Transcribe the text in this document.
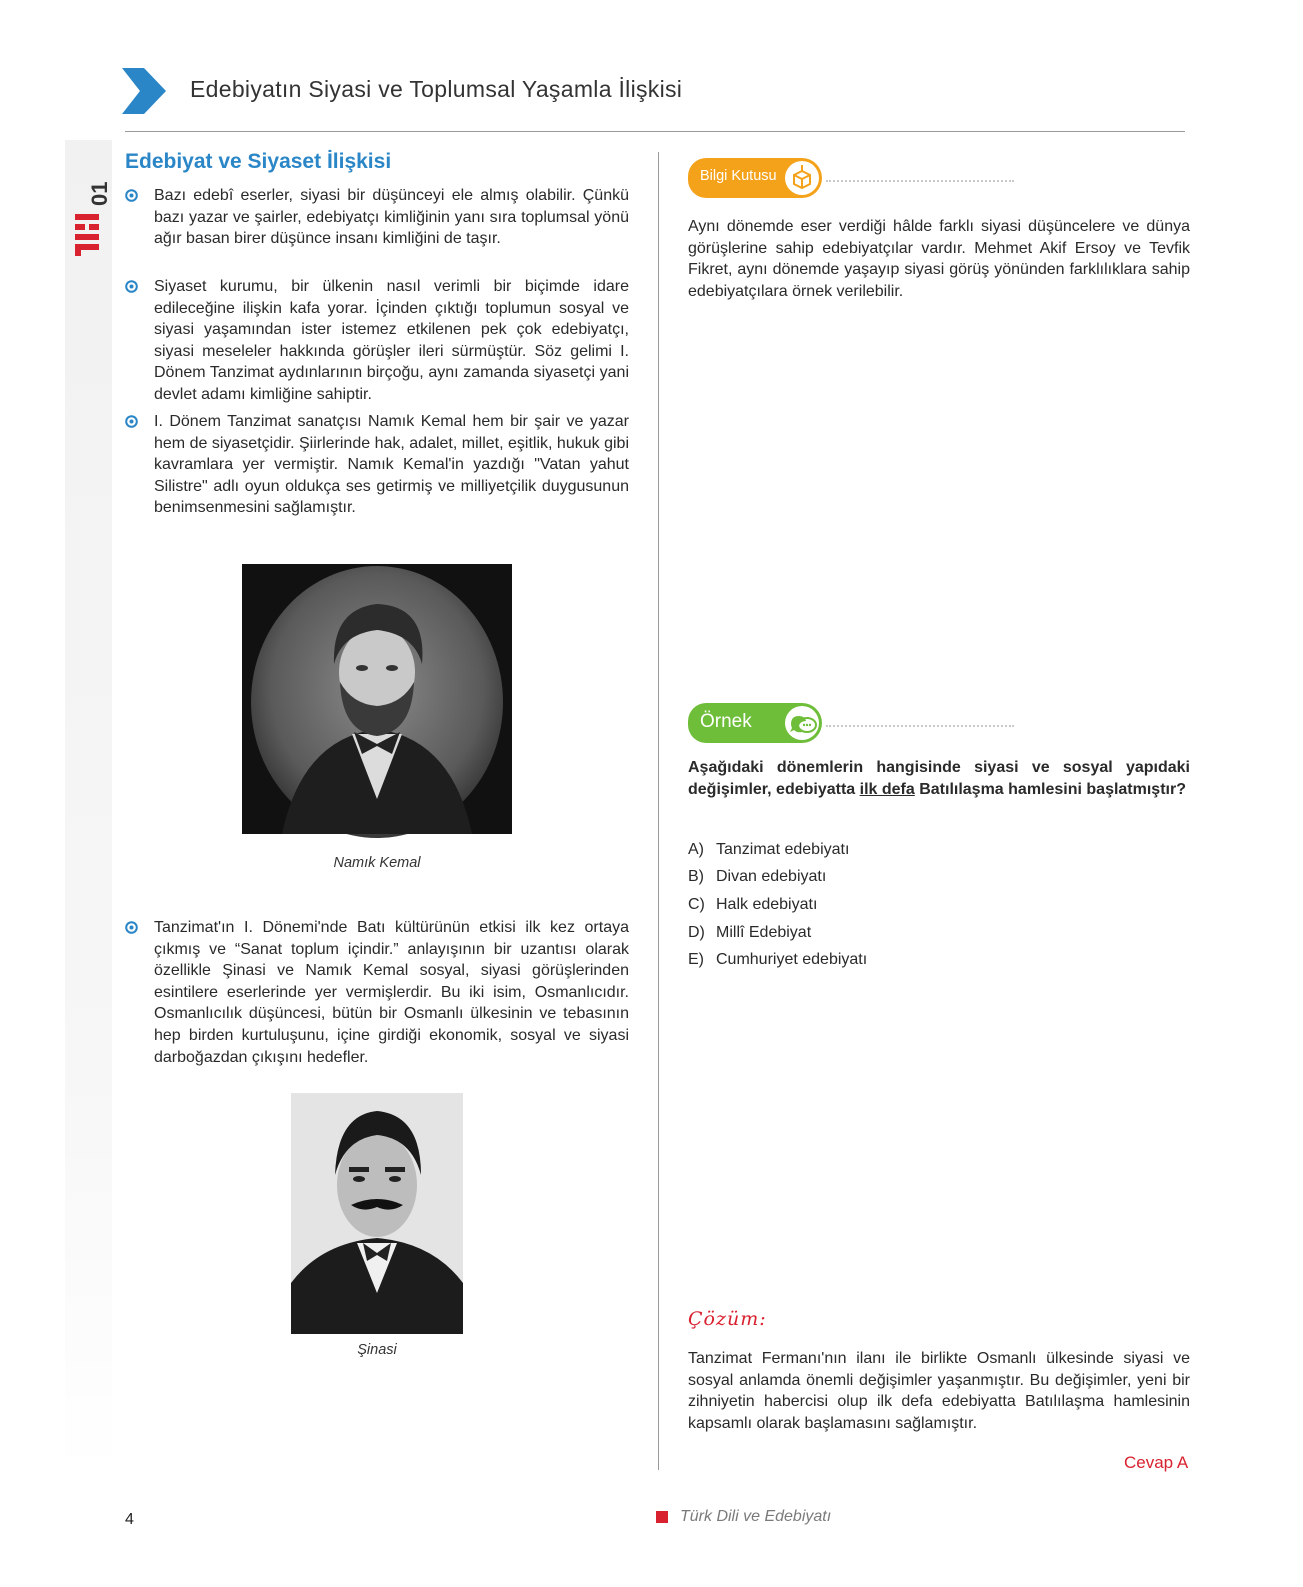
Edebiyatın Siyasi ve Toplumsal Yaşamla İlişkisi
01
Edebiyat ve Siyaset İlişkisi
Bazı edebî eserler, siyasi bir düşünceyi ele almış olabilir. Çünkü bazı yazar ve şairler, edebiyatçı kimliğinin yanı sıra toplumsal yönü ağır basan birer düşünce insanı kimliğini de taşır.
Siyaset kurumu, bir ülkenin nasıl verimli bir biçimde idare edileceğine ilişkin kafa yorar. İçinden çıktığı toplumun sosyal ve siyasi yaşamından ister istemez etkilenen pek çok edebiyatçı, siyasi meseleler hakkında görüşler ileri sürmüştür. Söz gelimi I. Dönem Tanzimat aydınlarının birçoğu, aynı zamanda siyasetçi yani devlet adamı kimliğine sahiptir.
I. Dönem Tanzimat sanatçısı Namık Kemal hem bir şair ve yazar hem de siyasetçidir. Şiirlerinde hak, adalet, millet, eşitlik, hukuk gibi kavramlara yer vermiştir. Namık Kemal'in yazdığı "Vatan yahut Silistre" adlı oyun oldukça ses getirmiş ve milliyetçilik duygusunun benimsenmesini sağlamıştır.
Namık Kemal
Tanzimat'ın I. Dönemi'nde Batı kültürünün etkisi ilk kez ortaya çıkmış ve “Sanat toplum içindir.” anlayışının bir uzantısı olarak özellikle Şinasi ve Namık Kemal sosyal, siyasi görüşlerinden esintilere eserlerinde yer vermişlerdir. Bu iki isim, Osmanlıcıdır. Osmanlıcılık düşüncesi, bütün bir Osmanlı ülkesinin ve tebasının hep birden kurtuluşunu, içine girdiği ekonomik, sosyal ve siyasi darboğazdan çıkışını hedefler.
Şinasi
Bilgi Kutusu
Aynı dönemde eser verdiği hâlde farklı siyasi düşüncelere ve dünya görüşlerine sahip edebiyatçılar vardır. Mehmet Akif Ersoy ve Tevfik Fikret, aynı dönemde yaşayıp siyasi görüş yönünden farklılıklara sahip edebiyatçılara örnek verilebilir.
Örnek
Aşağıdaki dönemlerin hangisinde siyasi ve sosyal yapıdaki değişimler, edebiyatta ilk defa Batılılaşma hamlesini başlatmıştır?
A) Tanzimat edebiyatı
B) Divan edebiyatı
C) Halk edebiyatı
D) Millî Edebiyat
E) Cumhuriyet edebiyatı
Çözüm:
Tanzimat Fermanı'nın ilanı ile birlikte Osmanlı ülkesinde siyasi ve sosyal anlamda önemli değişimler yaşanmıştır. Bu değişimler, yeni bir zihniyetin habercisi olup ilk defa edebiyatta Batılılaşma hamlesinin kapsamlı olarak başlamasını sağlamıştır.
Cevap A
4	Türk Dili ve Edebiyatı
